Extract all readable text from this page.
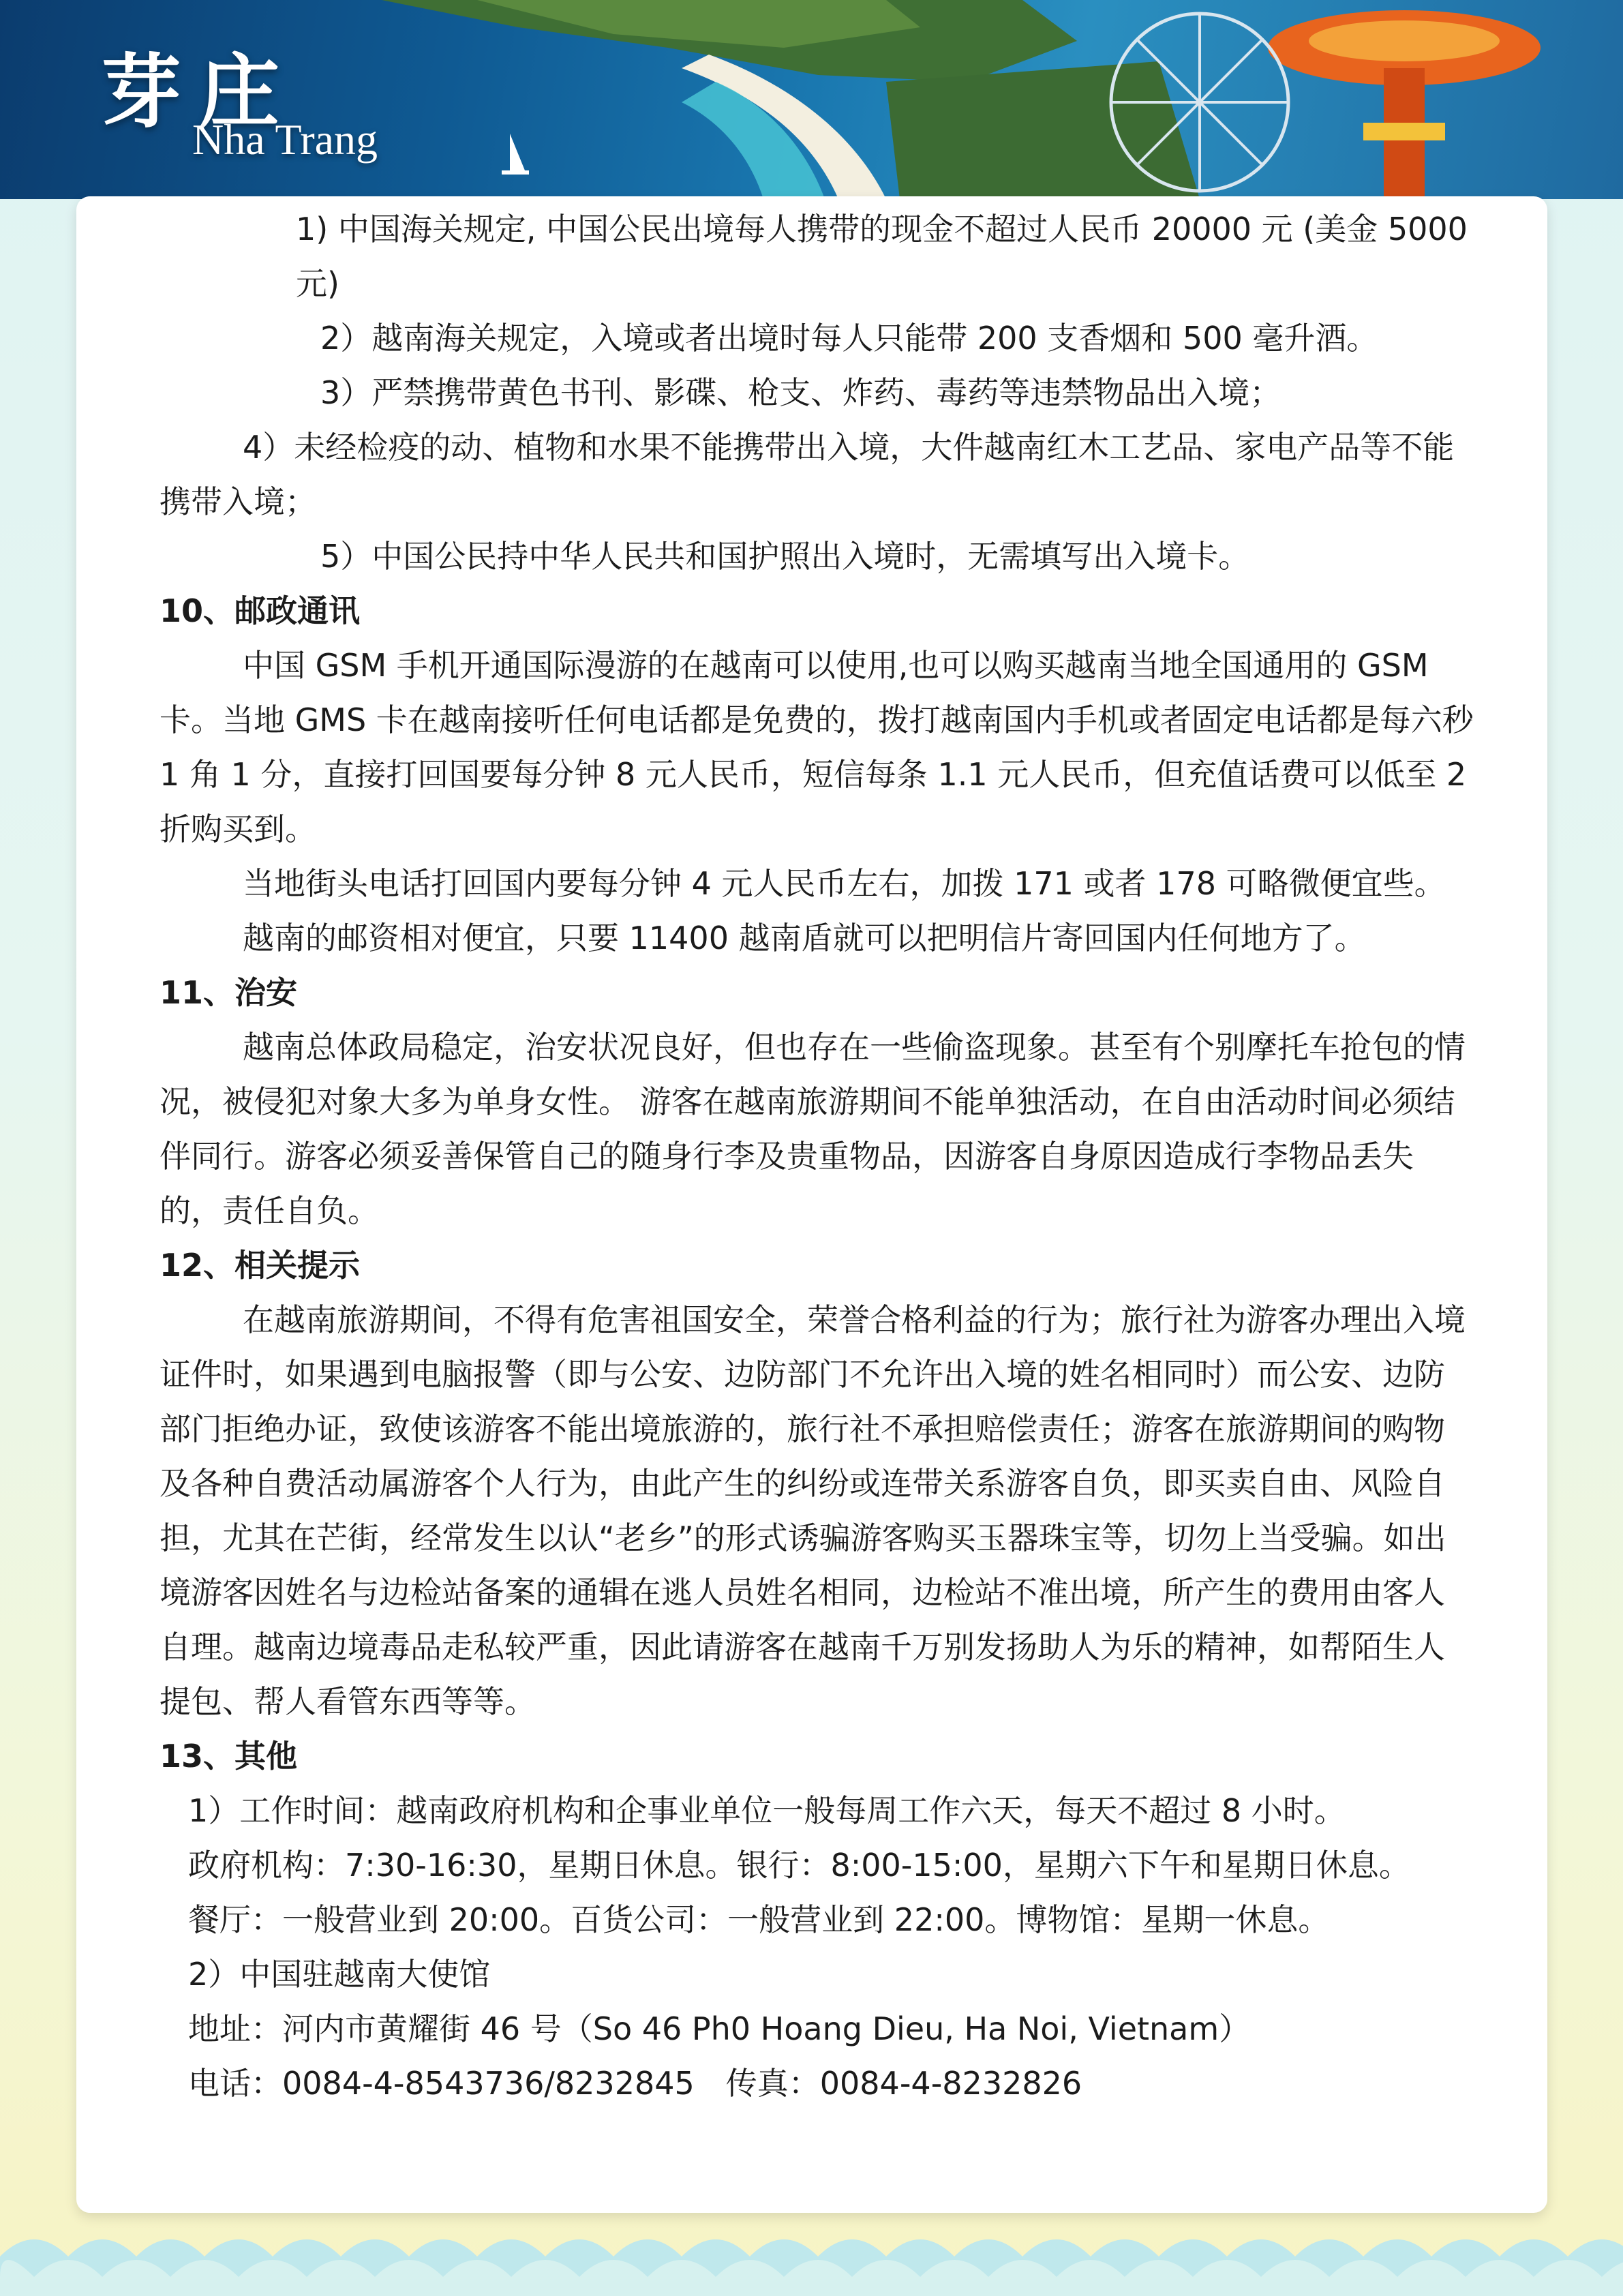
芽庄
Nha Trang

1) 中国海关规定, 中国公民出境每人携带的现金不超过人民币 20000 元 (美金 5000 元)

2）越南海关规定，入境或者出境时每人只能带 200 支香烟和 500 毫升酒。

3）严禁携带黄色书刊、影碟、枪支、炸药、毒药等违禁物品出入境；

4）未经检疫的动、植物和水果不能携带出入境，大件越南红木工艺品、家电产品等不能携带入境；

5）中国公民持中华人民共和国护照出入境时，无需填写出入境卡。

10、邮政通讯

中国 GSM 手机开通国际漫游的在越南可以使用,也可以购买越南当地全国通用的 GSM 卡。当地 GMS 卡在越南接听任何电话都是免费的，拨打越南国内手机或者固定电话都是每六秒 1 角 1 分，直接打回国要每分钟 8 元人民币，短信每条 1.1 元人民币，但充值话费可以低至 2 折购买到。

当地街头电话打回国内要每分钟 4 元人民币左右，加拨 171 或者 178 可略微便宜些。

越南的邮资相对便宜，只要 11400 越南盾就可以把明信片寄回国内任何地方了。

11、治安

越南总体政局稳定，治安状况良好，但也存在一些偷盗现象。甚至有个别摩托车抢包的情况，被侵犯对象大多为单身女性。 游客在越南旅游期间不能单独活动，在自由活动时间必须结伴同行。游客必须妥善保管自己的随身行李及贵重物品，因游客自身原因造成行李物品丢失的，责任自负。

12、相关提示

在越南旅游期间，不得有危害祖国安全，荣誉合格利益的行为；旅行社为游客办理出入境证件时，如果遇到电脑报警（即与公安、边防部门不允许出入境的姓名相同时）而公安、边防部门拒绝办证，致使该游客不能出境旅游的，旅行社不承担赔偿责任；游客在旅游期间的购物及各种自费活动属游客个人行为，由此产生的纠纷或连带关系游客自负，即买卖自由、风险自担，尤其在芒街，经常发生以认“老乡”的形式诱骗游客购买玉器珠宝等，切勿上当受骗。如出境游客因姓名与边检站备案的通辑在逃人员姓名相同，边检站不准出境，所产生的费用由客人自理。越南边境毒品走私较严重，因此请游客在越南千万别发扬助人为乐的精神，如帮陌生人提包、帮人看管东西等等。

13、其他

1）工作时间：越南政府机构和企事业单位一般每周工作六天，每天不超过 8 小时。

政府机构：7:30-16:30，星期日休息。银行：8:00-15:00，星期六下午和星期日休息。

餐厅：一般营业到 20:00。百货公司：一般营业到 22:00。博物馆：星期一休息。

2）中国驻越南大使馆

地址：河内市黄耀街 46 号（So 46 Ph0 Hoang Dieu, Ha Noi, Vietnam）

电话：0084-4-8543736/8232845　传真：0084-4-8232826
